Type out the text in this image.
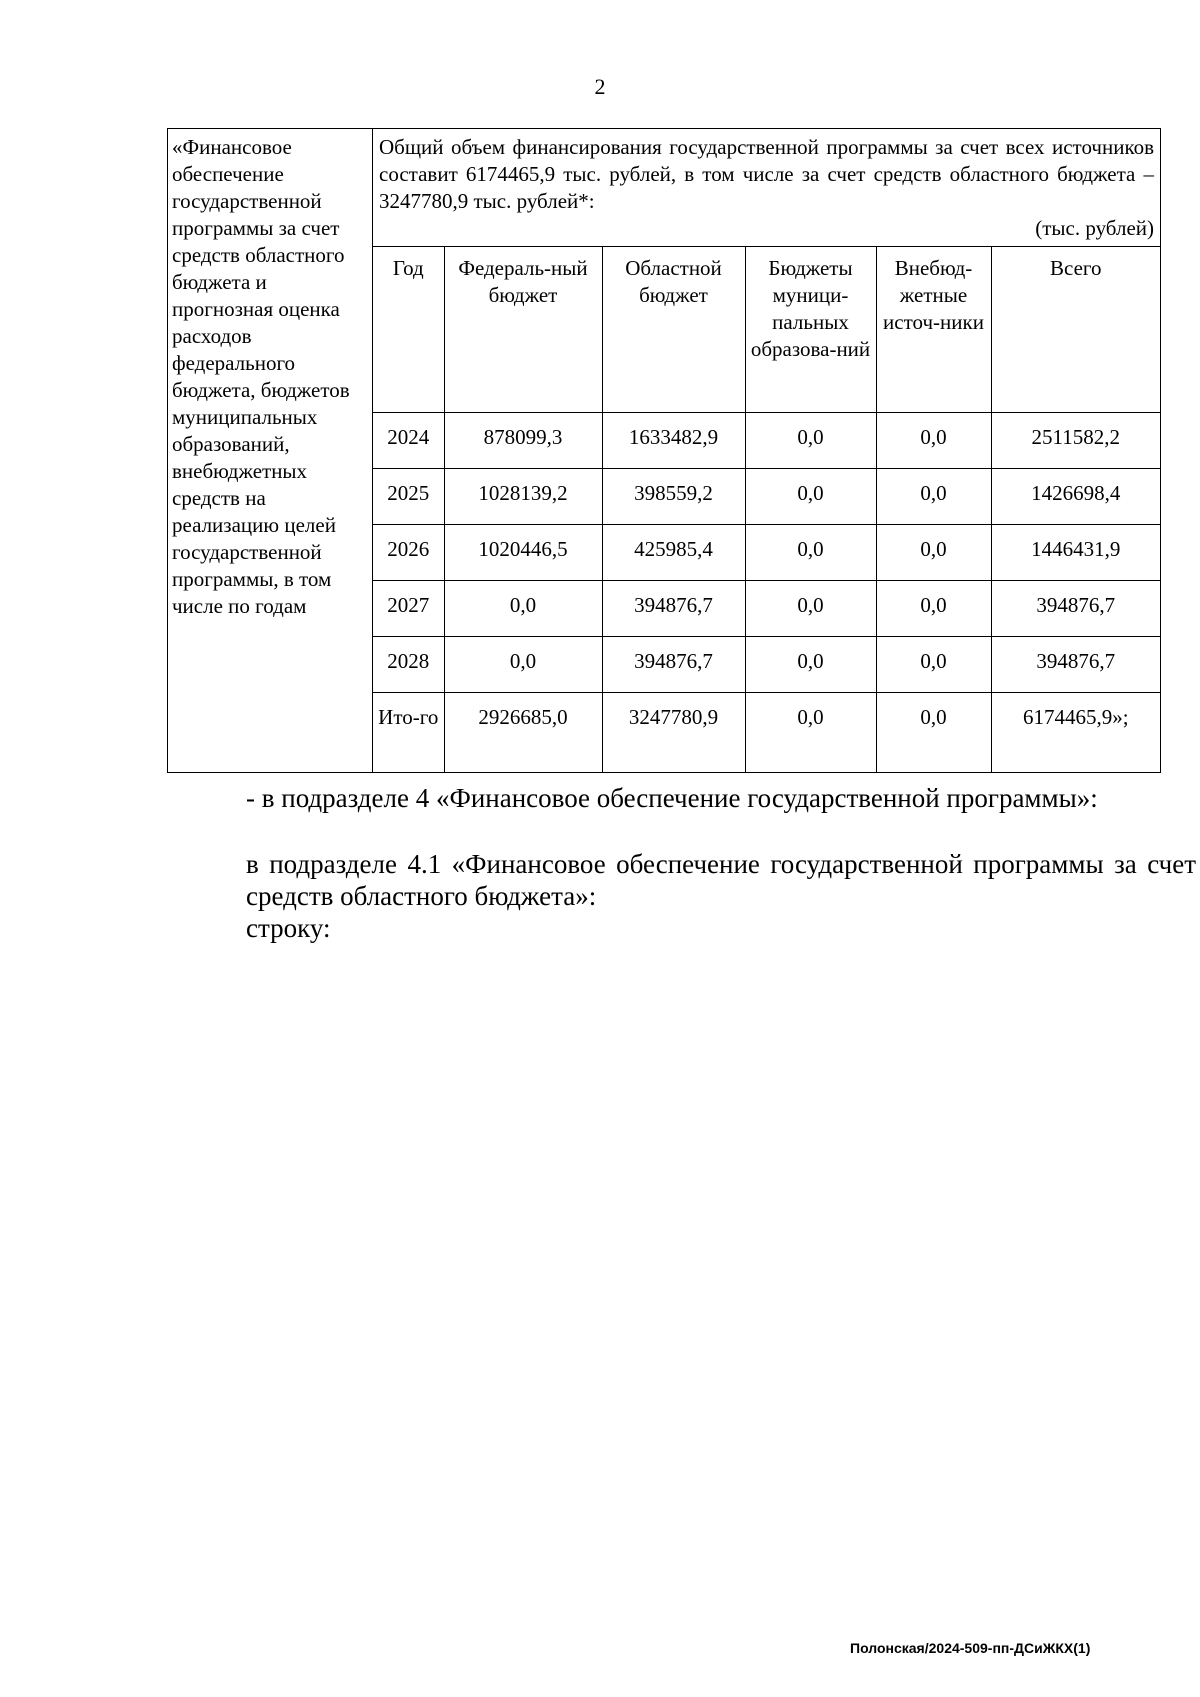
2
«Финансовое обеспечение государственной программы за счет средств областного бюджета и прогнозная оценка расходов федерального бюджета, бюджетов муниципальных образований, внебюджетных средств на реализацию целей государственной программы, в том числе по годам	
Общий объем финансирования государственной программы за счет всех источников составит 6174465,9 тыс. рублей, в том числе за счет средств областного бюджета – 3247780,9 тыс. рублей*:
(тыс. рублей)
Год	Федераль-ный бюджет	Областной бюджет	Бюджеты муници-пальных образова-ний	Внебюд-жетные источ-ники	Всего
2024	878099,3	1633482,9	0,0	0,0	2511582,2
2025	1028139,2	398559,2	0,0	0,0	1426698,4
2026	1020446,5	425985,4	0,0	0,0	1446431,9
2027	0,0	394876,7	0,0	0,0	394876,7
2028	0,0	394876,7	0,0	0,0	394876,7
Ито-го	2926685,0	3247780,9	0,0	0,0	6174465,9»;
- в подразделе 4 «Финансовое обеспечение государственной программы»:
в подразделе 4.1 «Финансовое обеспечение государственной программы за счет средств областного бюджета»:
строку:
Полонская/2024-509-пп-ДСиЖКХ(1)
